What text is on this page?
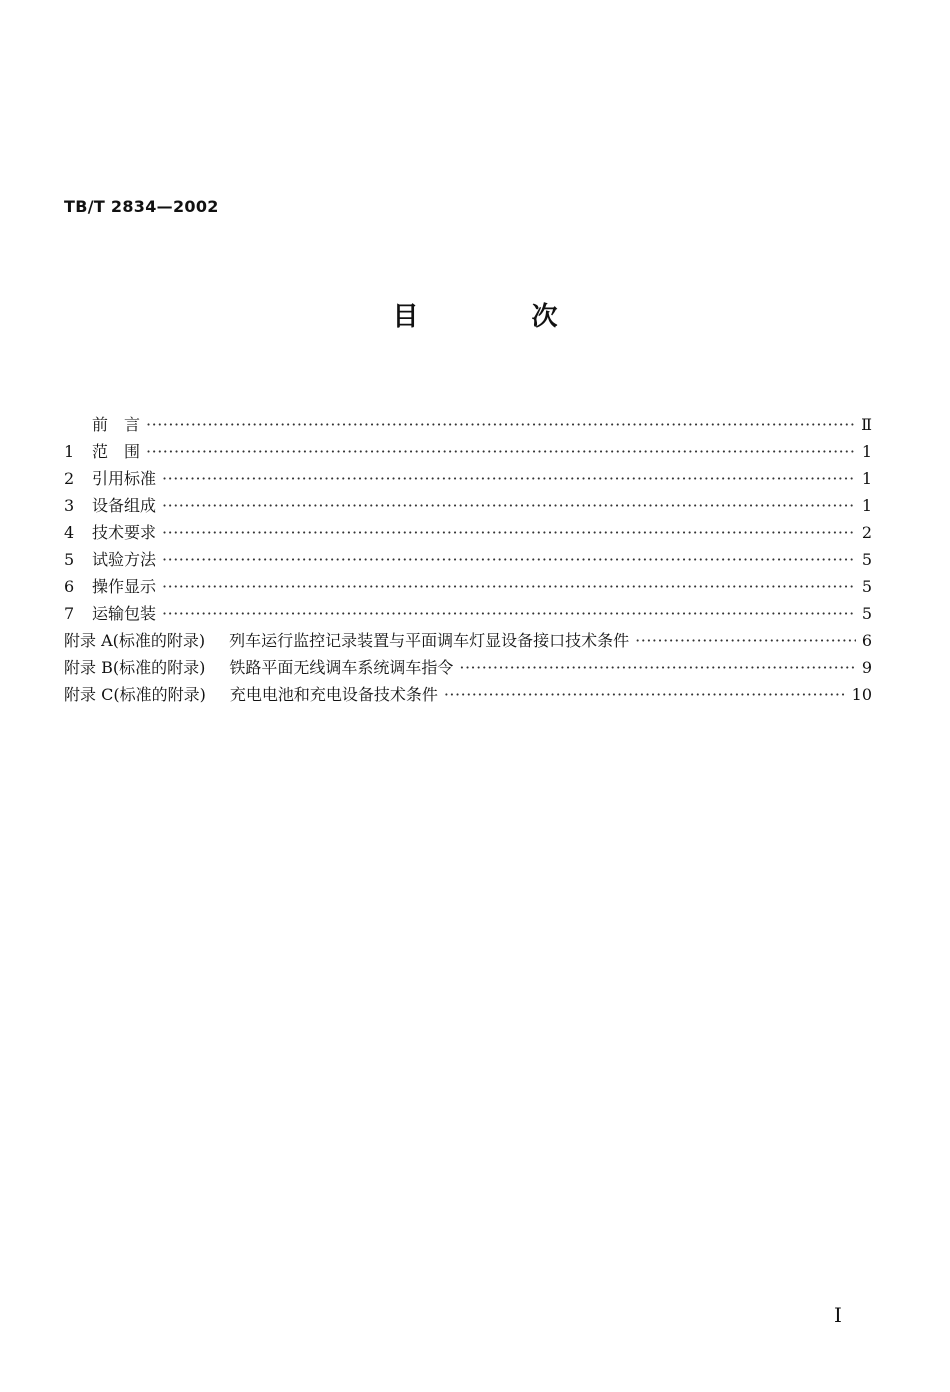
TB/T 2834—2002
目 次
前　言 ·····	Ⅱ
1	范　围 ·····	1
2	引用标准 ·····	1
3	设备组成 ·····	1
4	技术要求 ·····	2
5	试验方法 ·····	5
6	操作显示 ·····	5
7	运输包装 ·····	5
附录 A(标准的附录) 列车运行监控记录装置与平面调车灯显设备接口技术条件 ·····	6
附录 B(标准的附录) 铁路平面无线调车系统调车指令 ·····	9
附录 C(标准的附录) 充电电池和充电设备技术条件 ·····	10
I
